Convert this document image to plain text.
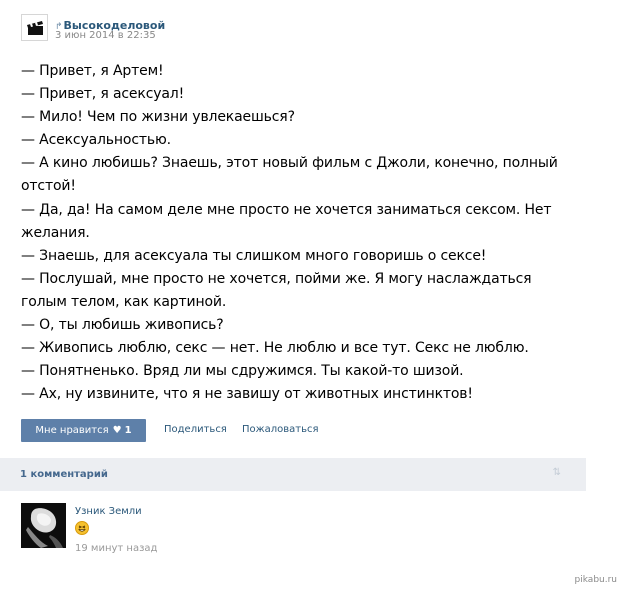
↱Высокоделовой
3 июн 2014 в 22:35
— Привет, я Артем!
— Привет, я асексуал!
— Мило! Чем по жизни увлекаешься?
— Асексуальностью.
— А кино любишь? Знаешь, этот новый фильм с Джоли, конечно, полный
отстой!
— Да, да! На самом деле мне просто не хочется заниматься сексом. Нет
желания.
— Знаешь, для асексуала ты слишком много говоришь о сексе!
— Послушай, мне просто не хочется, пойми же. Я могу наслаждаться
голым телом, как картиной.
— О, ты любишь живопись?
— Живопись люблю, секс — нет. Не люблю и все тут. Секс не люблю.
— Понятненько. Вряд ли мы сдружимся. Ты какой-то шизой.
— Ах, ну извините, что я не завишу от животных инстинктов!
Мне нравится ♥ 1	Поделиться Пожаловаться
1 комментарий	⇅
Узник Земли
19 минут назад
pikabu.ru
